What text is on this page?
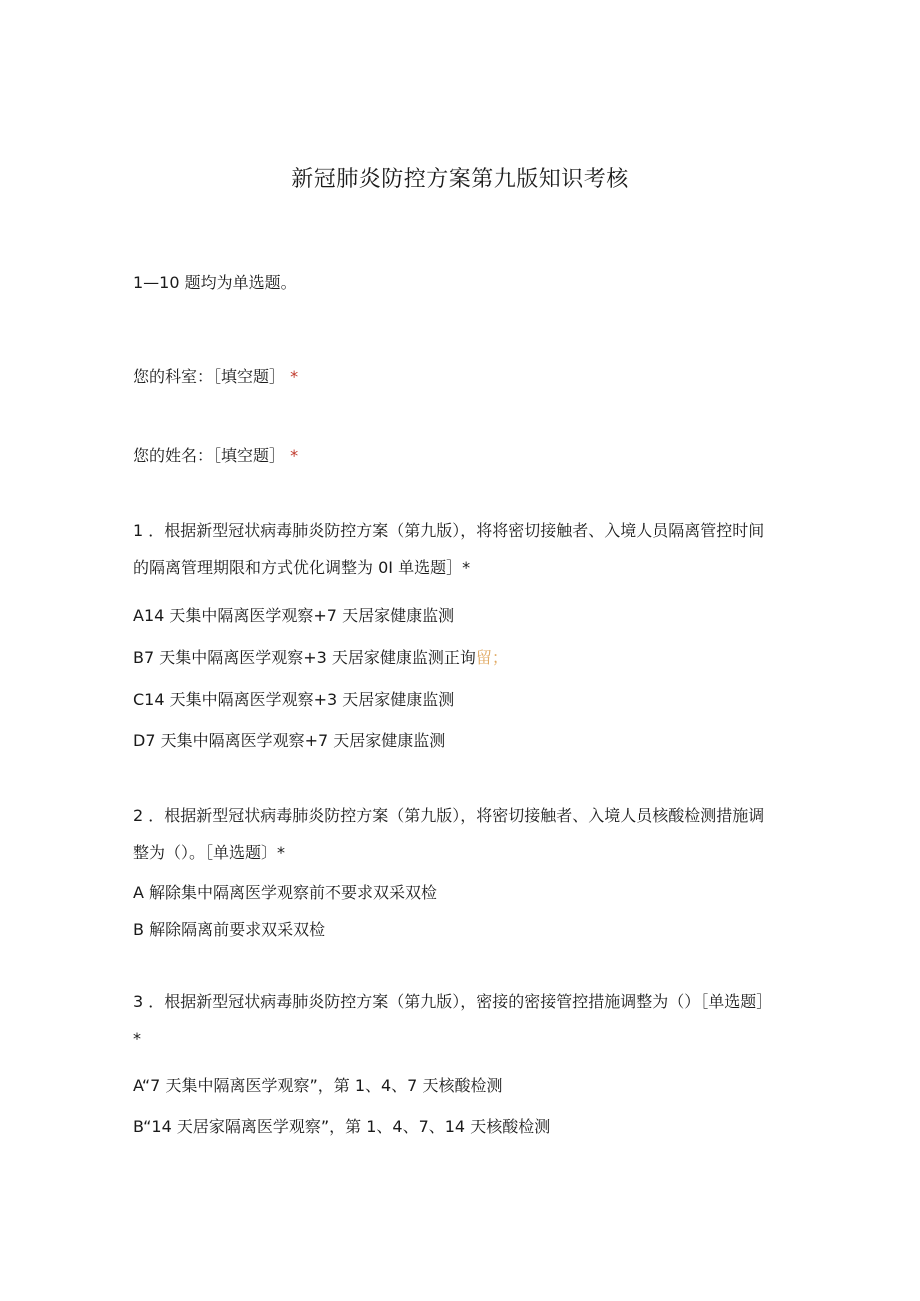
新冠肺炎防控方案第九版知识考核
1—10 题均为单选题。
您的科室：［填空题］ *
您的姓名：［填空题］ *
1 ．根据新型冠状病毒肺炎防控方案（第九版），将将密切接触者、入境人员隔离管控时间的隔离管理期限和方式优化调整为 0I 单选题］*
A14 天集中隔离医学观察+7 天居家健康监测
B7 天集中隔离医学观察+3 天居家健康监测正询留；
C14 天集中隔离医学观察+3 天居家健康监测
D7 天集中隔离医学观察+7 天居家健康监测
2 ．根据新型冠状病毒肺炎防控方案（第九版），将密切接触者、入境人员核酸检测措施调整为（）。［单选题〕*
A 解除集中隔离医学观察前不要求双采双检
B 解除隔离前要求双采双检
3 ．根据新型冠状病毒肺炎防控方案（第九版），密接的密接管控措施调整为（）［单选题］*
A“7 天集中隔离医学观察”，第 1、4、7 天核酸检测
B“14 天居家隔离医学观察”，第 1、4、7、14 天核酸检测
